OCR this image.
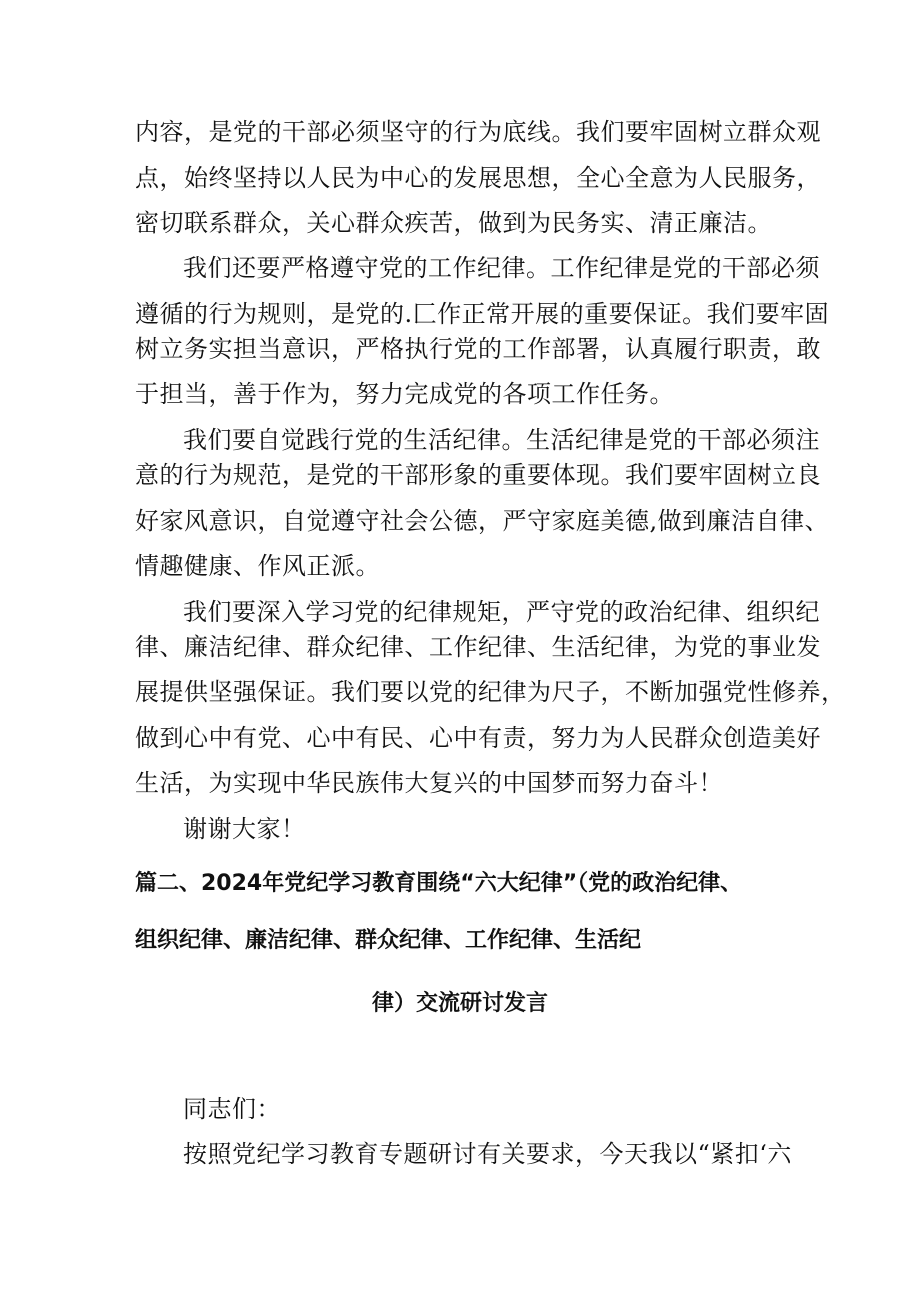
内容，是党的干部必须坚守的行为底线。我们要牢固树立群众观
点，始终坚持以人民为中心的发展思想，全心全意为人民服务，
密切联系群众，关心群众疾苦，做到为民务实、清正廉洁。
我们还要严格遵守党的工作纪律。工作纪律是党的干部必须
遵循的行为规则，是党的.匚作正常开展的重要保证。我们要牢固
树立务实担当意识，严格执行党的工作部署，认真履行职责，敢
于担当，善于作为，努力完成党的各项工作任务。
我们要自觉践行党的生活纪律。生活纪律是党的干部必须注
意的行为规范，是党的干部形象的重要体现。我们要牢固树立良
好家风意识，自觉遵守社会公德，严守家庭美德,做到廉洁自律、
情趣健康、作风正派。
我们要深入学习党的纪律规矩，严守党的政治纪律、组织纪
律、廉洁纪律、群众纪律、工作纪律、生活纪律，为党的事业发
展提供坚强保证。我们要以党的纪律为尺子，不断加强党性修养，
做到心中有党、心中有民、心中有责，努力为人民群众创造美好
生活，为实现中华民族伟大复兴的中国梦而努力奋斗！
谢谢大家！
篇二、2024年党纪学习教育围绕“六大纪律”（党的政治纪律、
组织纪律、廉洁纪律、群众纪律、工作纪律、生活纪
律）交流研讨发言
同志们：
按照党纪学习教育专题研讨有关要求，今天我以“紧扣‘六
